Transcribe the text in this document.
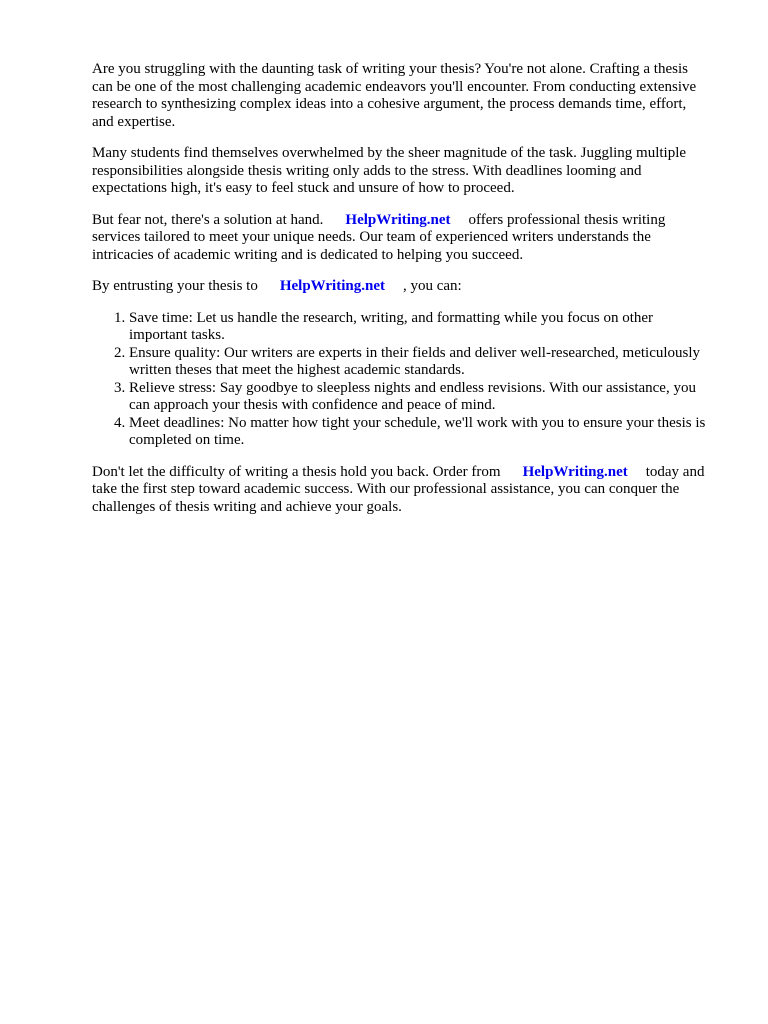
Are you struggling with the daunting task of writing your thesis? You're not alone. Crafting a thesis can be one of the most challenging academic endeavors you'll encounter. From conducting extensive research to synthesizing complex ideas into a cohesive argument, the process demands time, effort, and expertise.

Many students find themselves overwhelmed by the sheer magnitude of the task. Juggling multiple responsibilities alongside thesis writing only adds to the stress. With deadlines looming and expectations high, it's easy to feel stuck and unsure of how to proceed.

But fear not, there's a solution at hand. HelpWriting.net offers professional thesis writing services tailored to meet your unique needs. Our team of experienced writers understands the intricacies of academic writing and is dedicated to helping you succeed.

By entrusting your thesis to HelpWriting.net , you can:

1. Save time: Let us handle the research, writing, and formatting while you focus on other important tasks.
2. Ensure quality: Our writers are experts in their fields and deliver well-researched, meticulously written theses that meet the highest academic standards.
3. Relieve stress: Say goodbye to sleepless nights and endless revisions. With our assistance, you can approach your thesis with confidence and peace of mind.
4. Meet deadlines: No matter how tight your schedule, we'll work with you to ensure your thesis is completed on time.

Don't let the difficulty of writing a thesis hold you back. Order from HelpWriting.net today and take the first step toward academic success. With our professional assistance, you can conquer the challenges of thesis writing and achieve your goals.
